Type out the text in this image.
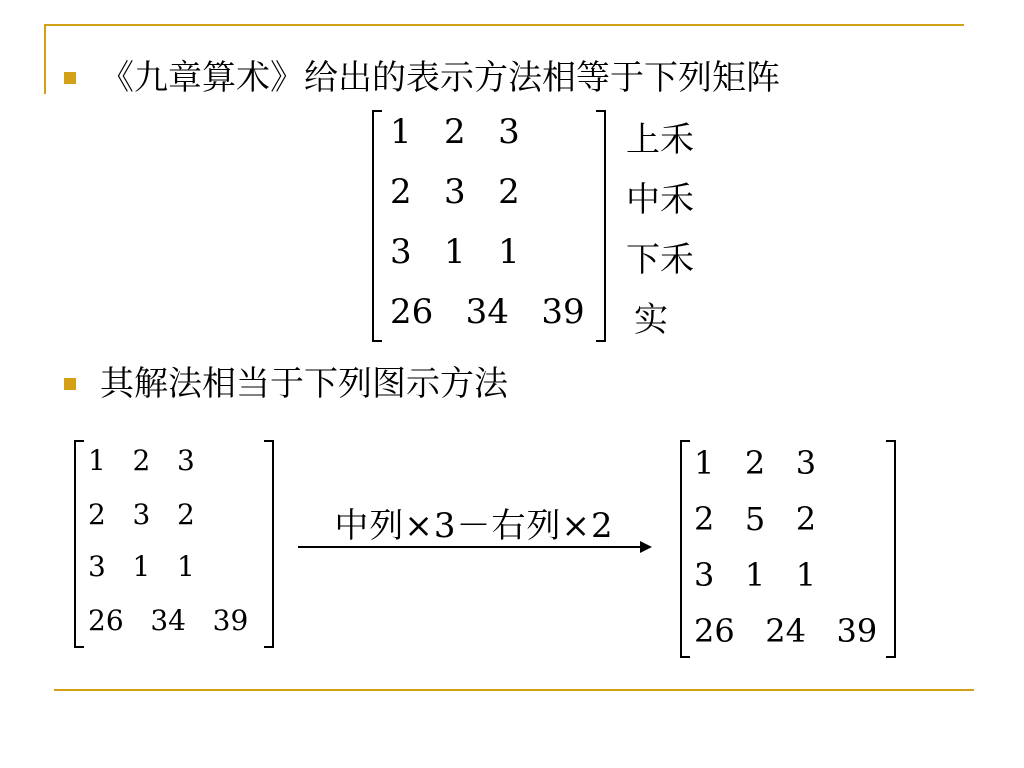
《九章算术》给出的表示方法相等于下列矩阵
1   2   3
2   3   2
3   1   1
26   34   39
上禾
中禾
下禾
实
其解法相当于下列图示方法
1   2   3
2   3   2
3   1   1
26   34   39
中列×3－右列×2
1   2   3
2   5   2
3   1   1
26   24   39
